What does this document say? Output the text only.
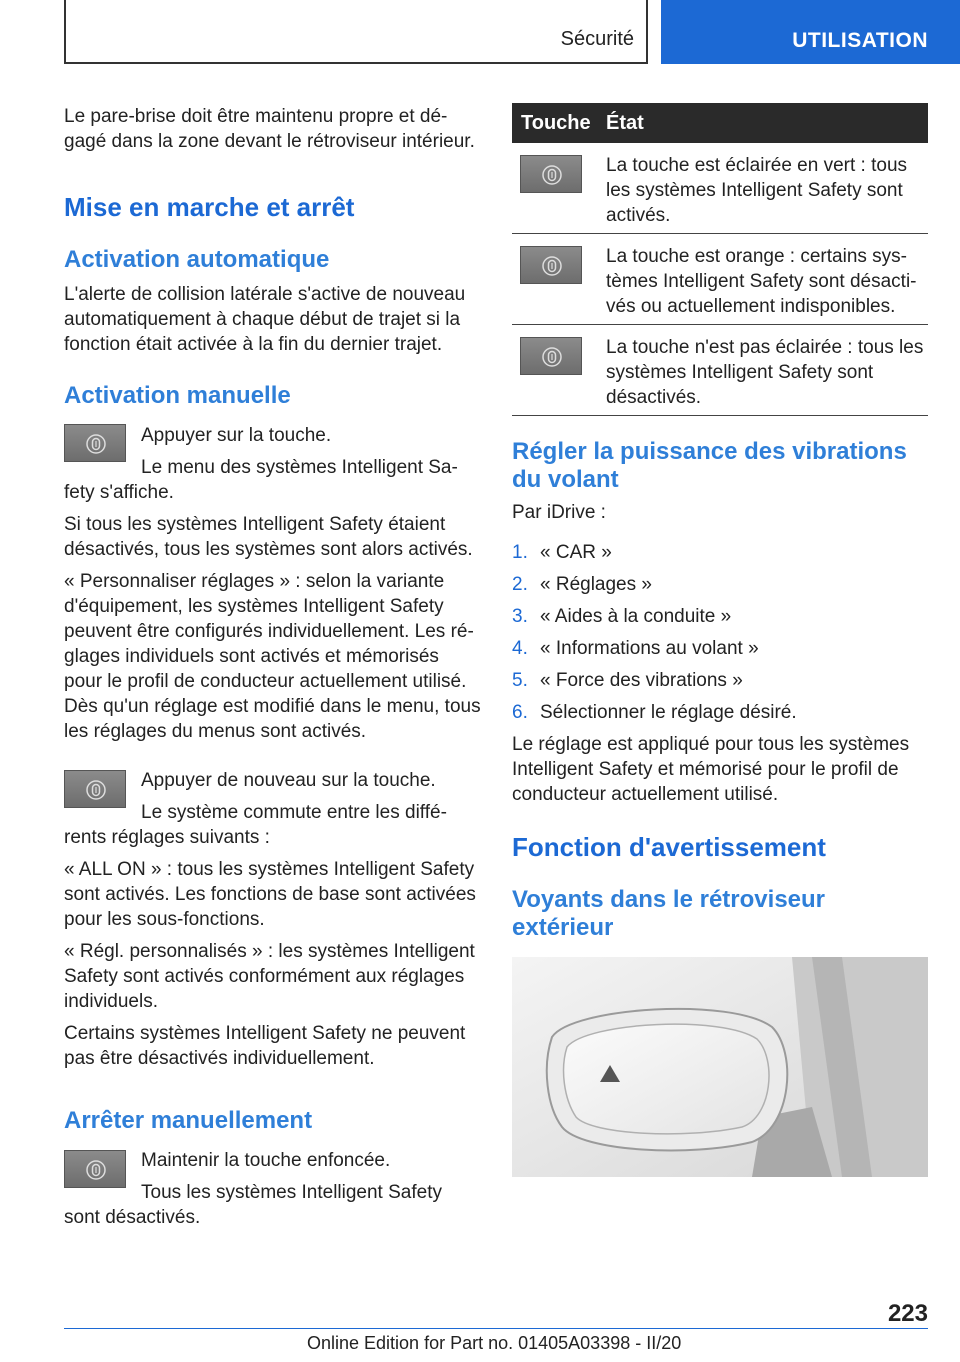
Sécurité	UTILISATION

Le pare-brise doit être maintenu propre et dé-gagé dans la zone devant le rétroviseur intérieur.

Mise en marche et arrêt
Activation automatique

L'alerte de collision latérale s'active de nouveau automatiquement à chaque début de trajet si la fonction était activée à la fin du dernier trajet.

Activation manuelle

Appuyer sur la touche.

Le menu des systèmes Intelligent Sa-

fety s'affiche.

Si tous les systèmes Intelligent Safety étaient désactivés, tous les systèmes sont alors activés.

« Personnaliser réglages » : selon la variante d'équipement, les systèmes Intelligent Safety peuvent être configurés individuellement. Les ré-glages individuels sont activés et mémorisés pour le profil de conducteur actuellement utilisé. Dès qu'un réglage est modifié dans le menu, tous les réglages du menus sont activés.

Appuyer de nouveau sur la touche.

Le système commute entre les diffé-

rents réglages suivants :

« ALL ON » : tous les systèmes Intelligent Safety sont activés. Les fonctions de base sont activées pour les sous-fonctions.

« Régl. personnalisés » : les systèmes Intelligent Safety sont activés conformément aux réglages individuels.

Certains systèmes Intelligent Safety ne peuvent pas être désactivés individuellement.

Arrêter manuellement

Maintenir la touche enfoncée.

Tous les systèmes Intelligent Safety

sont désactivés.

Touche État

La touche est éclairée en vert : tous les systèmes Intelligent Safety sont activés.

La touche est orange : certains sys-tèmes Intelligent Safety sont désacti-vés ou actuellement indisponibles.

La touche n'est pas éclairée : tous les systèmes Intelligent Safety sont désactivés.

Régler la puissance des vibrations du volant

Par iDrive :

1. « CAR »
2. « Réglages »
3. « Aides à la conduite »
4. « Informations au volant »
5. « Force des vibrations »
6. Sélectionner le réglage désiré.

Le réglage est appliqué pour tous les systèmes Intelligent Safety et mémorisé pour le profil de conducteur actuellement utilisé.

Fonction d'avertissement
Voyants dans le rétroviseur extérieur
223
Online Edition for Part no. 01405A03398 - II/20
